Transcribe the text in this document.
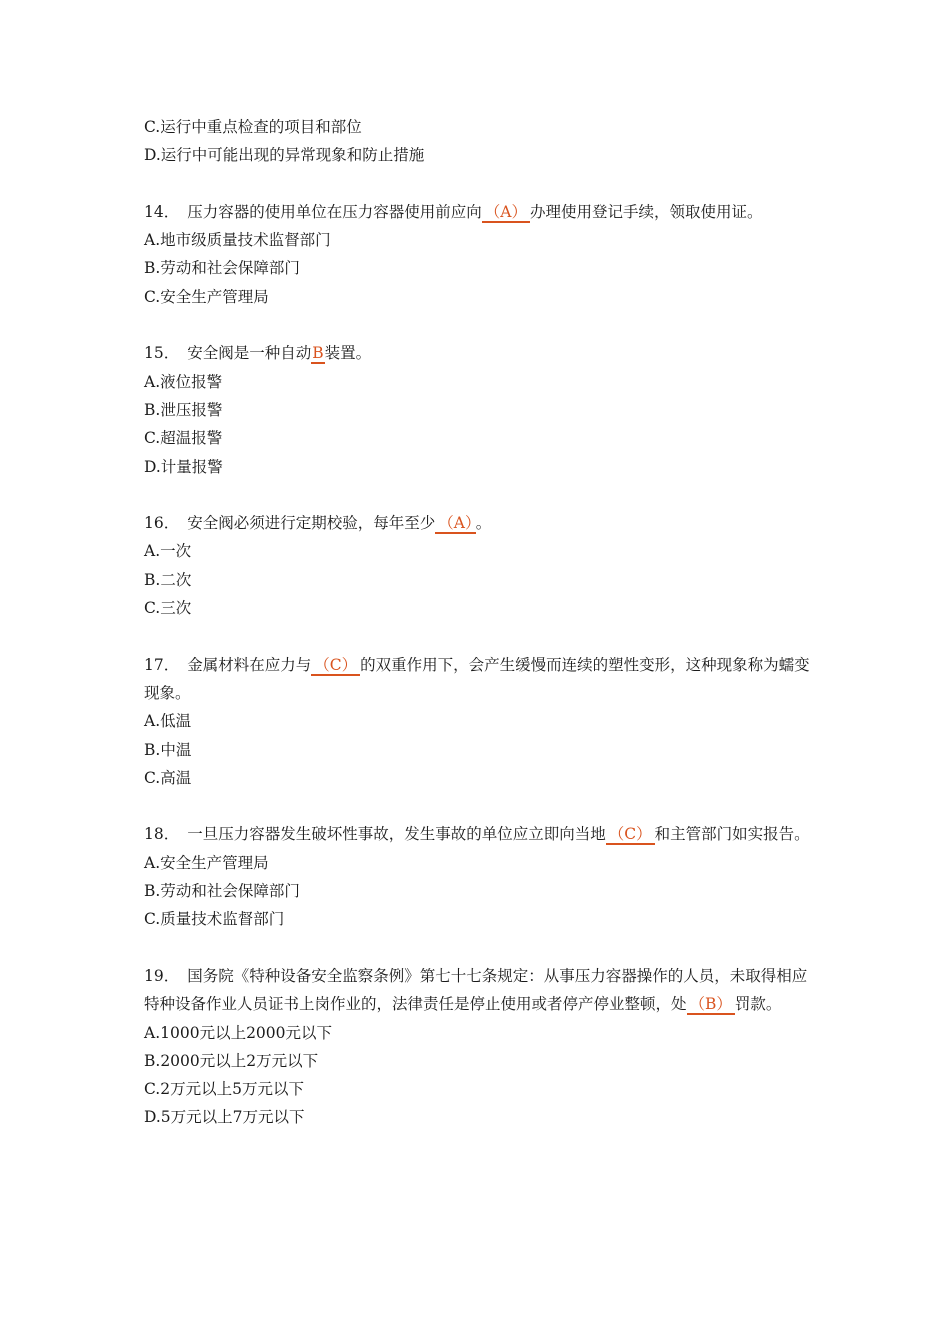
C.运行中重点检查的项目和部位
D.运行中可能出现的异常现象和防止措施
14． 压力容器的使用单位在压力容器使用前应向 （A） 办理使用登记手续，领取使用证。
A.地市级质量技术监督部门
B.劳动和社会保障部门
C.安全生产管理局
15． 安全阀是一种自动B装置。
A.液位报警
B.泄压报警
C.超温报警
D.计量报警
16． 安全阀必须进行定期校验，每年至少 （A） 。
A.一次
B.二次
C.三次
17． 金属材料在应力与 （C） 的双重作用下，会产生缓慢而连续的塑性变形，这种现象称为蠕变现象。
A.低温
B.中温
C.高温
18． 一旦压力容器发生破坏性事故，发生事故的单位应立即向当地 （C） 和主管部门如实报告。
A.安全生产管理局
B.劳动和社会保障部门
C.质量技术监督部门
19． 国务院《特种设备安全监察条例》第七十七条规定：从事压力容器操作的人员，未取得相应特种设备作业人员证书上岗作业的，法律责任是停止使用或者停产停业整顿，处 （B） 罚款。
A.1000元以上2000元以下
B.2000元以上2万元以下
C.2万元以上5万元以下
D.5万元以上7万元以下
